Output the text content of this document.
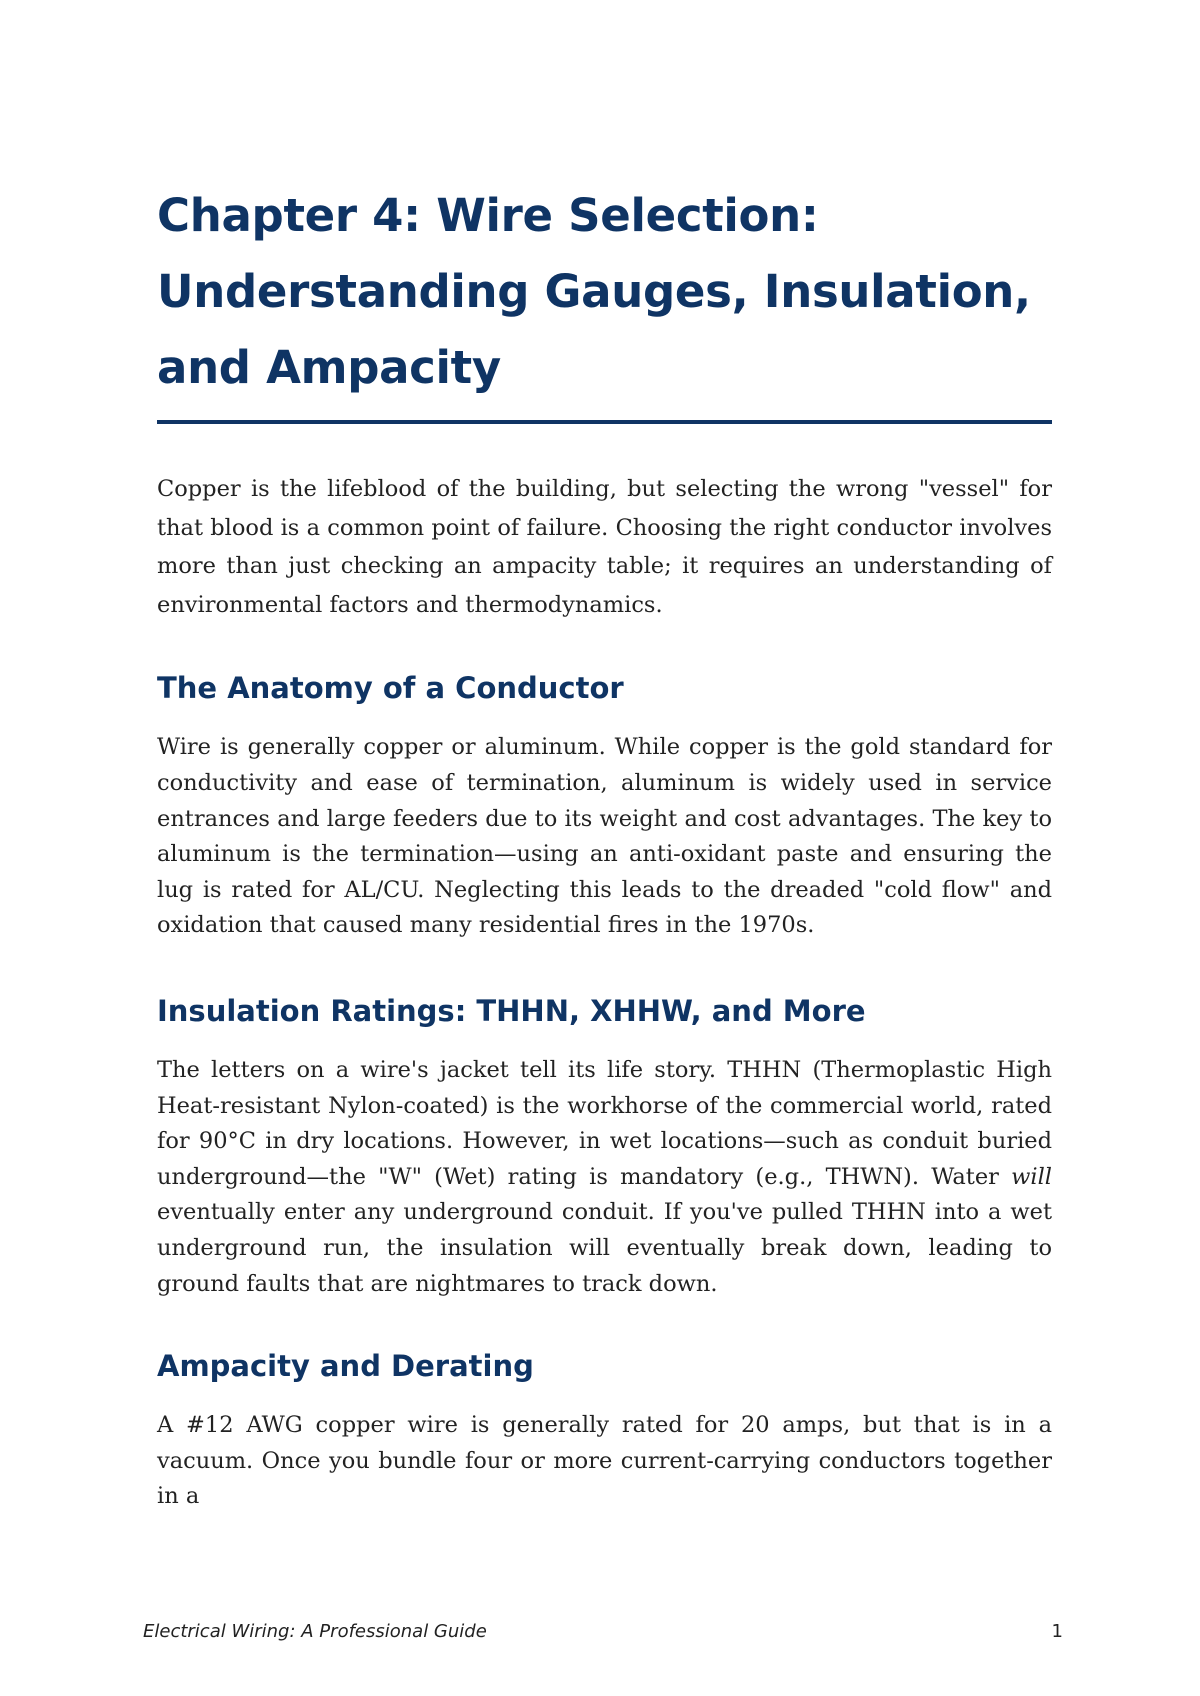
Chapter 4: Wire Selection:
Understanding Gauges, Insulation,
and Ampacity

Copper is the lifeblood of the building, but selecting the wrong "vessel" for that blood is a common point of failure. Choosing the right conductor involves more than just checking an ampacity table; it requires an understanding of environmental factors and thermodynamics.

The Anatomy of a Conductor

Wire is generally copper or aluminum. While copper is the gold standard for conductivity and ease of termination, aluminum is widely used in service entrances and large feeders due to its weight and cost advantages. The key to aluminum is the termination—using an anti-oxidant paste and ensuring the lug is rated for AL/CU. Neglecting this leads to the dreaded "cold flow" and oxidation that caused many residential fires in the 1970s.

Insulation Ratings: THHN, XHHW, and More

The letters on a wire's jacket tell its life story. THHN (Thermoplastic High Heat-resistant Nylon-coated) is the workhorse of the commercial world, rated for 90°C in dry locations. However, in wet locations—such as conduit buried underground—the "W" (Wet) rating is mandatory (e.g., THWN). Water will eventually enter any underground conduit. If you've pulled THHN into a wet underground run, the insulation will eventually break down, leading to ground faults that are nightmares to track down.

Ampacity and Derating

A #12 AWG copper wire is generally rated for 20 amps, but that is in a vacuum. Once you bundle four or more current-carrying conductors together in a

Electrical Wiring: A Professional Guide	1
